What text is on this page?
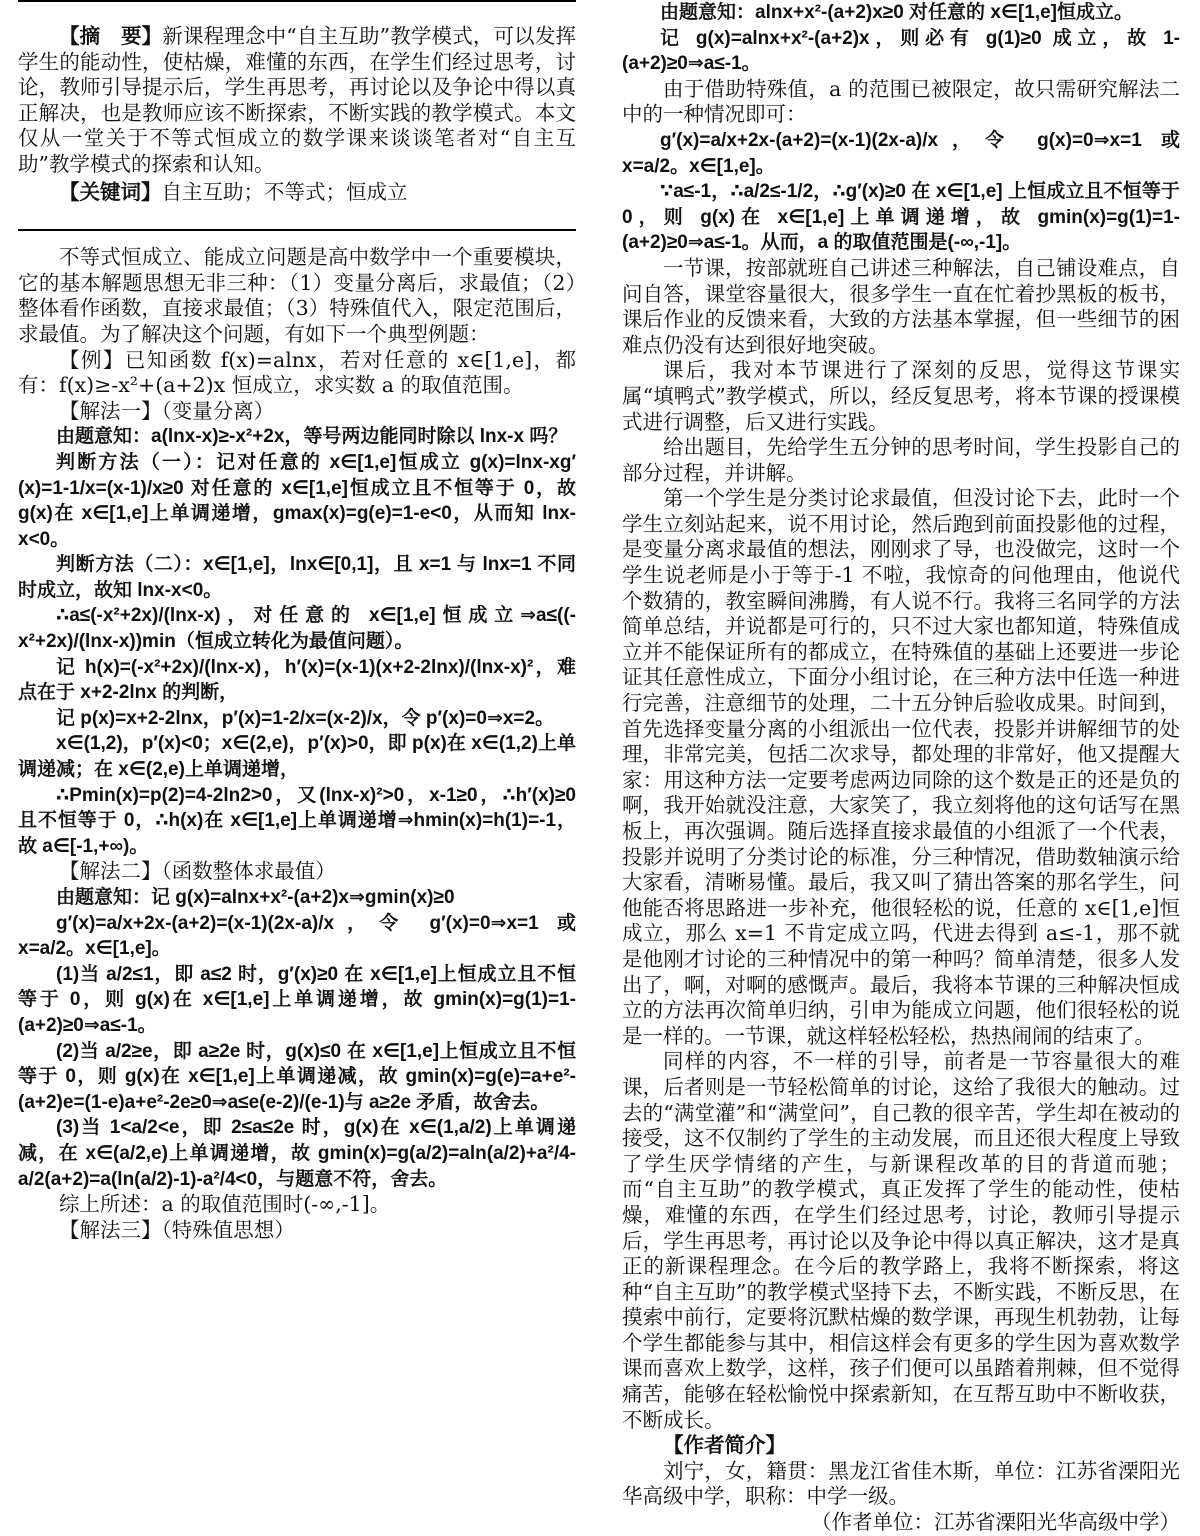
【摘　要】新课程理念中“自主互助”教学模式，可以发挥学生的能动性，使枯燥，难懂的东西，在学生们经过思考，讨论，教师引导提示后，学生再思考，再讨论以及争论中得以真正解决，也是教师应该不断探索，不断实践的教学模式。本文仅从一堂关于不等式恒成立的数学课来谈谈笔者对“自主互助”教学模式的探索和认知。

【关键词】自主互助；不等式；恒成立

不等式恒成立、能成立问题是高中数学中一个重要模块，它的基本解题思想无非三种：（1）变量分离后，求最值；（2）整体看作函数，直接求最值；（3）特殊值代入，限定范围后，求最值。为了解决这个问题，有如下一个典型例题：

【例】已知函数 f(x)=alnx，若对任意的 x∈[1,e]，都有：f(x)≥-x²+(a+2)x 恒成立，求实数 a 的取值范围。

【解法一】（变量分离）

由题意知：a(lnx-x)≥-x²+2x，等号两边能同时除以 lnx-x 吗？

判断方法（一）：记对任意的 x∈[1,e]恒成立 g(x)=lnx-xg′(x)=1-1/x=(x-1)/x≥0 对任意的 x∈[1,e]恒成立且不恒等于 0，故 g(x)在 x∈[1,e]上单调递增，gmax(x)=g(e)=1-e<0，从而知 lnx-x<0。

判断方法（二）：x∈[1,e]，lnx∈[0,1]，且 x=1 与 lnx=1 不同时成立，故知 lnx-x<0。

∴a≤(-x²+2x)/(lnx-x)，对任意的 x∈[1,e]恒成立⇒a≤((-x²+2x)/(lnx-x))min（恒成立转化为最值问题）。

记 h(x)=(-x²+2x)/(lnx-x)，h′(x)=(x-1)(x+2-2lnx)/(lnx-x)²，难点在于 x+2-2lnx 的判断，

记 p(x)=x+2-2lnx，p′(x)=1-2/x=(x-2)/x，令 p′(x)=0⇒x=2。

x∈(1,2)，p′(x)<0；x∈(2,e)，p′(x)>0，即 p(x)在 x∈(1,2)上单调递减；在 x∈(2,e)上单调递增，

∴Pmin(x)=p(2)=4-2ln2>0，又(lnx-x)²>0，x-1≥0，∴h′(x)≥0 且不恒等于 0，∴h(x)在 x∈[1,e]上单调递增⇒hmin(x)=h(1)=-1，故 a∈[-1,+∞)。

【解法二】（函数整体求最值）

由题意知：记 g(x)=alnx+x²-(a+2)x⇒gmin(x)≥0

g′(x)=a/x+2x-(a+2)=(x-1)(2x-a)/x，令 g′(x)=0⇒x=1 或 x=a/2。x∈[1,e]。

(1)当 a/2≤1，即 a≤2 时，g′(x)≥0 在 x∈[1,e]上恒成立且不恒等于 0，则 g(x)在 x∈[1,e]上单调递增，故 gmin(x)=g(1)=1-(a+2)≥0⇒a≤-1。

(2)当 a/2≥e，即 a≥2e 时，g(x)≤0 在 x∈[1,e]上恒成立且不恒等于 0，则 g(x)在 x∈[1,e]上单调递减，故 gmin(x)=g(e)=a+e²-(a+2)e=(1-e)a+e²-2e≥0⇒a≤e(e-2)/(e-1)与 a≥2e 矛盾，故舍去。

(3)当 1<a/2<e，即 2≤a≤2e 时，g(x)在 x∈(1,a/2)上单调递减，在 x∈(a/2,e)上单调递增，故 gmin(x)=g(a/2)=aln(a/2)+a²/4-a/2(a+2)=a(ln(a/2)-1)-a²/4<0，与题意不符，舍去。

综上所述：a 的取值范围时(-∞,-1]。

【解法三】（特殊值思想）

由题意知：alnx+x²-(a+2)x≥0 对任意的 x∈[1,e]恒成立。

记 g(x)=alnx+x²-(a+2)x，则必有 g(1)≥0 成立，故 1-(a+2)≥0⇒a≤-1。

由于借助特殊值，a 的范围已被限定，故只需研究解法二中的一种情况即可：

g′(x)=a/x+2x-(a+2)=(x-1)(2x-a)/x，令 g(x)=0⇒x=1 或 x=a/2。x∈[1,e]。

∵a≤-1，∴a/2≤-1/2，∴g′(x)≥0 在 x∈[1,e] 上恒成立且不恒等于 0，则 g(x)在 x∈[1,e]上单调递增，故 gmin(x)=g(1)=1-(a+2)≥0⇒a≤-1。从而，a 的取值范围是(-∞,-1]。

一节课，按部就班自己讲述三种解法，自己铺设难点，自问自答，课堂容量很大，很多学生一直在忙着抄黑板的板书，课后作业的反馈来看，大致的方法基本掌握，但一些细节的困难点仍没有达到很好地突破。

课后，我对本节课进行了深刻的反思，觉得这节课实属“填鸭式”教学模式，所以，经反复思考，将本节课的授课模式进行调整，后又进行实践。

给出题目，先给学生五分钟的思考时间，学生投影自己的部分过程，并讲解。

第一个学生是分类讨论求最值，但没讨论下去，此时一个学生立刻站起来，说不用讨论，然后跑到前面投影他的过程，是变量分离求最值的想法，刚刚求了导，也没做完，这时一个学生说老师是小于等于-1 不啦，我惊奇的问他理由，他说代个数猜的，教室瞬间沸腾，有人说不行。我将三名同学的方法简单总结，并说都是可行的，只不过大家也都知道，特殊值成立并不能保证所有的都成立，在特殊值的基础上还要进一步论证其任意性成立，下面分小组讨论，在三种方法中任选一种进行完善，注意细节的处理，二十五分钟后验收成果。时间到，首先选择变量分离的小组派出一位代表，投影并讲解细节的处理，非常完美，包括二次求导，都处理的非常好，他又提醒大家：用这种方法一定要考虑两边同除的这个数是正的还是负的啊，我开始就没注意，大家笑了，我立刻将他的这句话写在黑板上，再次强调。随后选择直接求最值的小组派了一个代表，投影并说明了分类讨论的标准，分三种情况，借助数轴演示给大家看，清晰易懂。最后，我又叫了猜出答案的那名学生，问他能否将思路进一步补充，他很轻松的说，任意的 x∈[1,e]恒成立，那么 x=1 不肯定成立吗，代进去得到 a≤-1，那不就是他刚才讨论的三种情况中的第一种吗？简单清楚，很多人发出了，啊，对啊的感慨声。最后，我将本节课的三种解决恒成立的方法再次简单归纳，引申为能成立问题，他们很轻松的说是一样的。一节课，就这样轻松轻松，热热闹闹的结束了。

同样的内容，不一样的引导，前者是一节容量很大的难课，后者则是一节轻松简单的讨论，这给了我很大的触动。过去的“满堂灌”和“满堂问”，自己教的很辛苦，学生却在被动的接受，这不仅制约了学生的主动发展，而且还很大程度上导致了学生厌学情绪的产生，与新课程改革的目的背道而驰；而“自主互助”的教学模式，真正发挥了学生的能动性，使枯燥，难懂的东西，在学生们经过思考，讨论，教师引导提示后，学生再思考，再讨论以及争论中得以真正解决，这才是真正的新课程理念。在今后的教学路上，我将不断探索，将这种“自主互助”的教学模式坚持下去，不断实践，不断反思，在摸索中前行，定要将沉默枯燥的数学课，再现生机勃勃，让每个学生都能参与其中，相信这样会有更多的学生因为喜欢数学课而喜欢上数学，这样，孩子们便可以虽踏着荆棘，但不觉得痛苦，能够在轻松愉悦中探索新知，在互帮互助中不断收获，不断成长。

【作者简介】

刘宁，女，籍贯：黑龙江省佳木斯，单位：江苏省溧阳光华高级中学，职称：中学一级。

（作者单位：江苏省溧阳光华高级中学）
